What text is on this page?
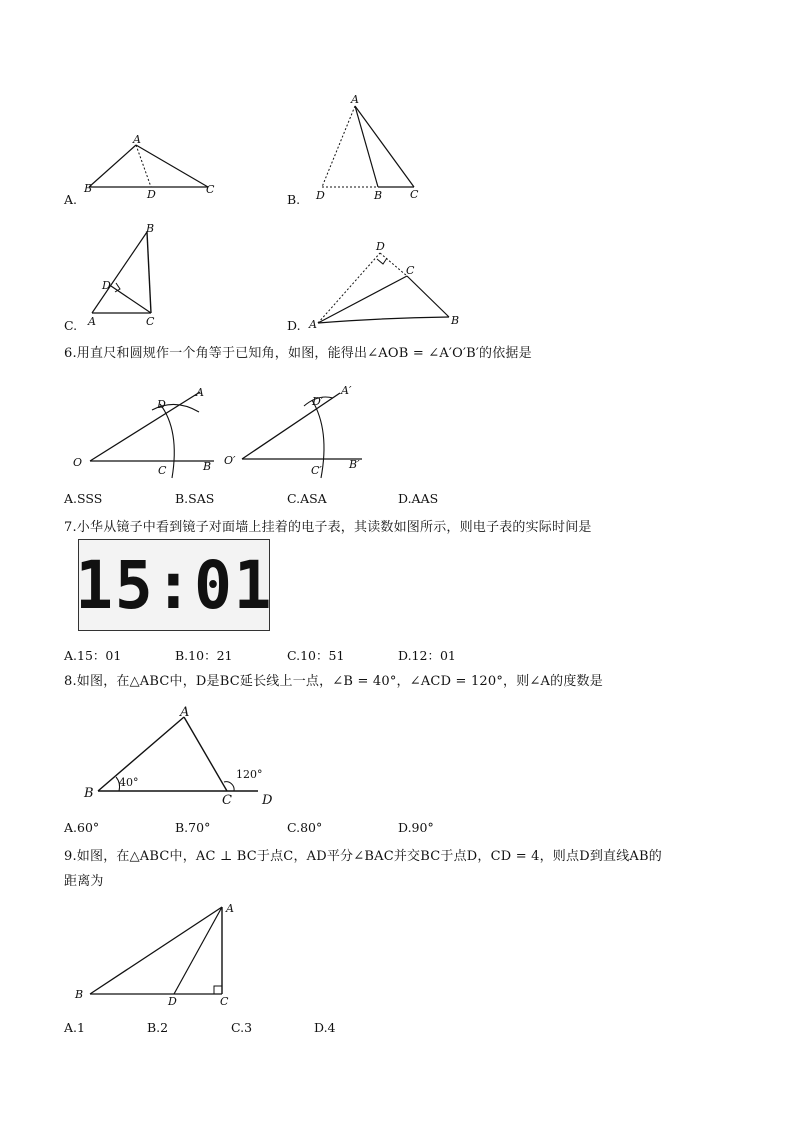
A.
A
B	D	C
B.
A
D	B	C
C.
B
D
A	C	D.
D
C
A	B
6.用直尺和圆规作一个角等于已知角，如图，能得出∠AOB = ∠A′O′B′的依据是
A
D
O
C	B
A′
D′
O′
C′ B′
A.SSS	B.SAS	C.ASA	D.AAS
7.小华从镜子中看到镜子对面墙上挂着的电子表，其读数如图所示，则电子表的实际时间是
15:01
A.15：01	B.10：21	C.10：51	D.12：01
8.如图，在△ABC中，D是BC延长线上一点，∠B = 40°，∠ACD = 120°，则∠A的度数是
A
B	C D
40°
120°
A.60°	B.70°	C.80°	D.90°
9.如图，在△ABC中，AC ⊥ BC于点C，AD平分∠BAC并交BC于点D，CD = 4，则点D到直线AB的
距离为
A
B
D	C
A.1	B.2	C.3	D.4
